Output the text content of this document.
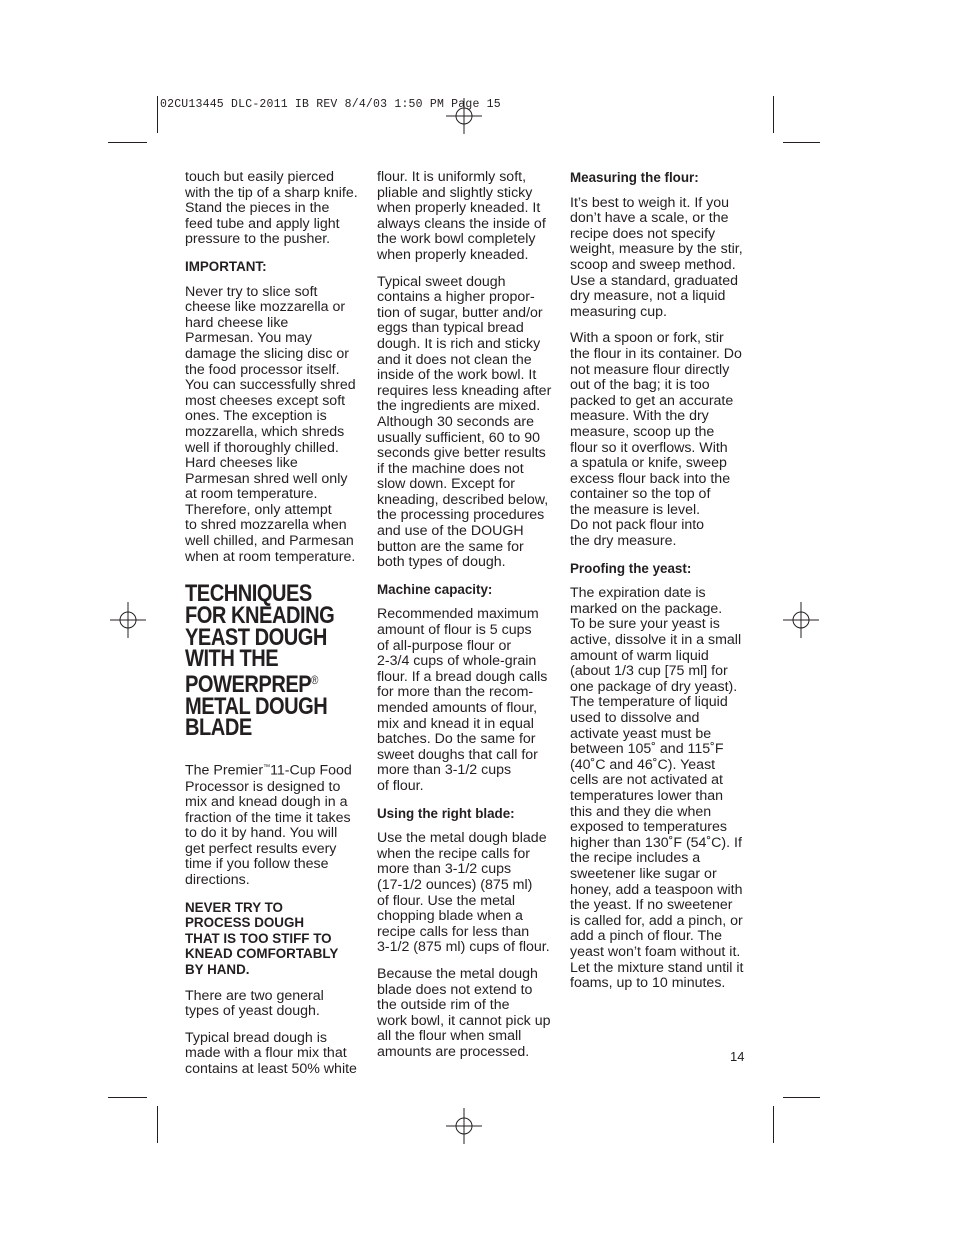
02CU13445 DLC-2011 IB REV 8/4/03 1:50 PM Page 15

touch but easily pierced
with the tip of a sharp knife.
Stand the pieces in the
feed tube and apply light
pressure to the pusher.

IMPORTANT:

Never try to slice soft
cheese like mozzarella or
hard cheese like
Parmesan. You may
damage the slicing disc or
the food processor itself.
You can successfully shred
most cheeses except soft
ones. The exception is
mozzarella, which shreds
well if thoroughly chilled.
Hard cheeses like
Parmesan shred well only
at room temperature.
Therefore, only attempt
to shred mozzarella when
well chilled, and Parmesan
when at room temperature.

TECHNIQUES
FOR KNEADING
YEAST DOUGH
WITH THE
POWERPREP®
METAL DOUGH
BLADE

The Premier™11-Cup Food
Processor is designed to
mix and knead dough in a
fraction of the time it takes
to do it by hand. You will
get perfect results every
time if you follow these
directions.

NEVER TRY TO
PROCESS DOUGH
THAT IS TOO STIFF TO
KNEAD COMFORTABLY
BY HAND.

There are two general
types of yeast dough.

Typical bread dough is
made with a flour mix that
contains at least 50% white

flour. It is uniformly soft,
pliable and slightly sticky
when properly kneaded. It
always cleans the inside of
the work bowl completely
when properly kneaded.

Typical sweet dough
contains a higher propor-
tion of sugar, butter and/or
eggs than typical bread
dough. It is rich and sticky
and it does not clean the
inside of the work bowl. It
requires less kneading after
the ingredients are mixed.
Although 30 seconds are
usually sufficient, 60 to 90
seconds give better results
if the machine does not
slow down. Except for
kneading, described below,
the processing procedures
and use of the DOUGH
button are the same for
both types of dough.

Machine capacity:

Recommended maximum
amount of flour is 5 cups
of all-purpose flour or
2-3/4 cups of whole-grain
flour. If a bread dough calls
for more than the recom-
mended amounts of flour,
mix and knead it in equal
batches. Do the same for
sweet doughs that call for
more than 3-1/2 cups
of flour.

Using the right blade:

Use the metal dough blade
when the recipe calls for
more than 3-1/2 cups
(17-1/2 ounces) (875 ml)
of flour. Use the metal
chopping blade when a
recipe calls for less than
3-1/2 (875 ml) cups of flour.

Because the metal dough
blade does not extend to
the outside rim of the
work bowl, it cannot pick up
all the flour when small
amounts are processed.

Measuring the flour:

It’s best to weigh it. If you
don’t have a scale, or the
recipe does not specify
weight, measure by the stir,
scoop and sweep method.
Use a standard, graduated
dry measure, not a liquid
measuring cup.

With a spoon or fork, stir
the flour in its container. Do
not measure flour directly
out of the bag; it is too
packed to get an accurate
measure. With the dry
measure, scoop up the
flour so it overflows. With
a spatula or knife, sweep
excess flour back into the
container so the top of
the measure is level.
Do not pack flour into
the dry measure.

Proofing the yeast:

The expiration date is
marked on the package.
To be sure your yeast is
active, dissolve it in a small
amount of warm liquid
(about 1/3 cup [75 ml] for
one package of dry yeast).
The temperature of liquid
used to dissolve and
activate yeast must be
between 105˚ and 115˚F
(40˚C and 46˚C). Yeast
cells are not activated at
temperatures lower than
this and they die when
exposed to temperatures
higher than 130˚F (54˚C). If
the recipe includes a
sweetener like sugar or
honey, add a teaspoon with
the yeast. If no sweetener
is called for, add a pinch, or
add a pinch of flour. The
yeast won’t foam without it.
Let the mixture stand until it
foams, up to 10 minutes.

14
